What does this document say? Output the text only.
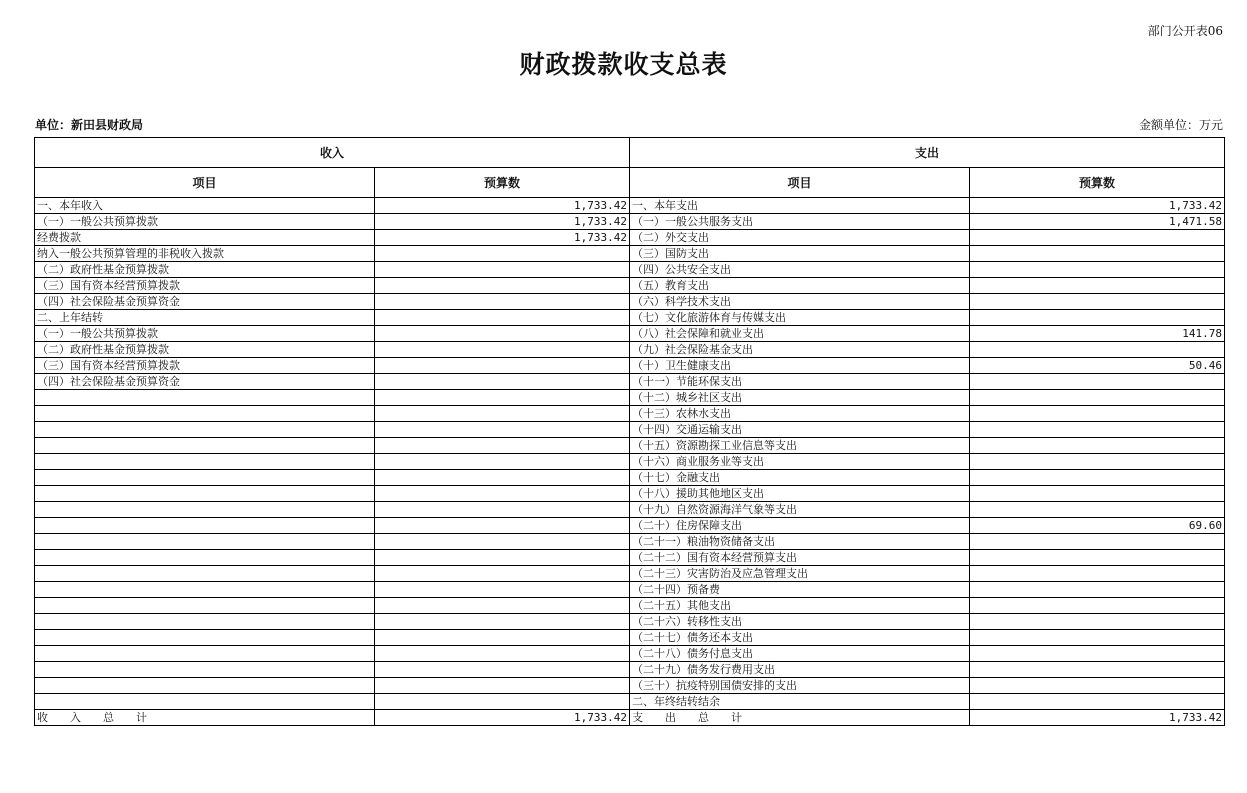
部门公开表06
财政拨款收支总表
单位：新田县财政局	金额单位：万元
收入		支出	
项目	预算数	项目	预算数
一、本年收入	1,733.42	一、本年支出	1,733.42
（一）一般公共预算拨款	1,733.42	（一）一般公共服务支出	1,471.58
经费拨款	1,733.42	（二）外交支出	
纳入一般公共预算管理的非税收入拨款		（三）国防支出	
（二）政府性基金预算拨款		（四）公共安全支出	
（三）国有资本经营预算拨款		（五）教育支出	
（四）社会保险基金预算资金		（六）科学技术支出	
二、上年结转		（七）文化旅游体育与传媒支出	
（一）一般公共预算拨款		（八）社会保障和就业支出	141.78
（二）政府性基金预算拨款		（九）社会保险基金支出	
（三）国有资本经营预算拨款		（十）卫生健康支出	50.46
（四）社会保险基金预算资金		（十一）节能环保支出	
		（十二）城乡社区支出	
		（十三）农林水支出	
		（十四）交通运输支出	
		（十五）资源勘探工业信息等支出	
		（十六）商业服务业等支出	
		（十七）金融支出	
		（十八）援助其他地区支出	
		（十九）自然资源海洋气象等支出	
		（二十）住房保障支出	69.60
		（二十一）粮油物资储备支出	
		（二十二）国有资本经营预算支出	
		（二十三）灾害防治及应急管理支出	
		（二十四）预备费	
		（二十五）其他支出	
		（二十六）转移性支出	
		（二十七）债务还本支出	
		（二十八）债务付息支出	
		（二十九）债务发行费用支出	
		（三十）抗疫特别国债安排的支出	
		二、年终结转结余	
收　　入　　总　　计	1,733.42	支　　出　　总　　计	1,733.42
